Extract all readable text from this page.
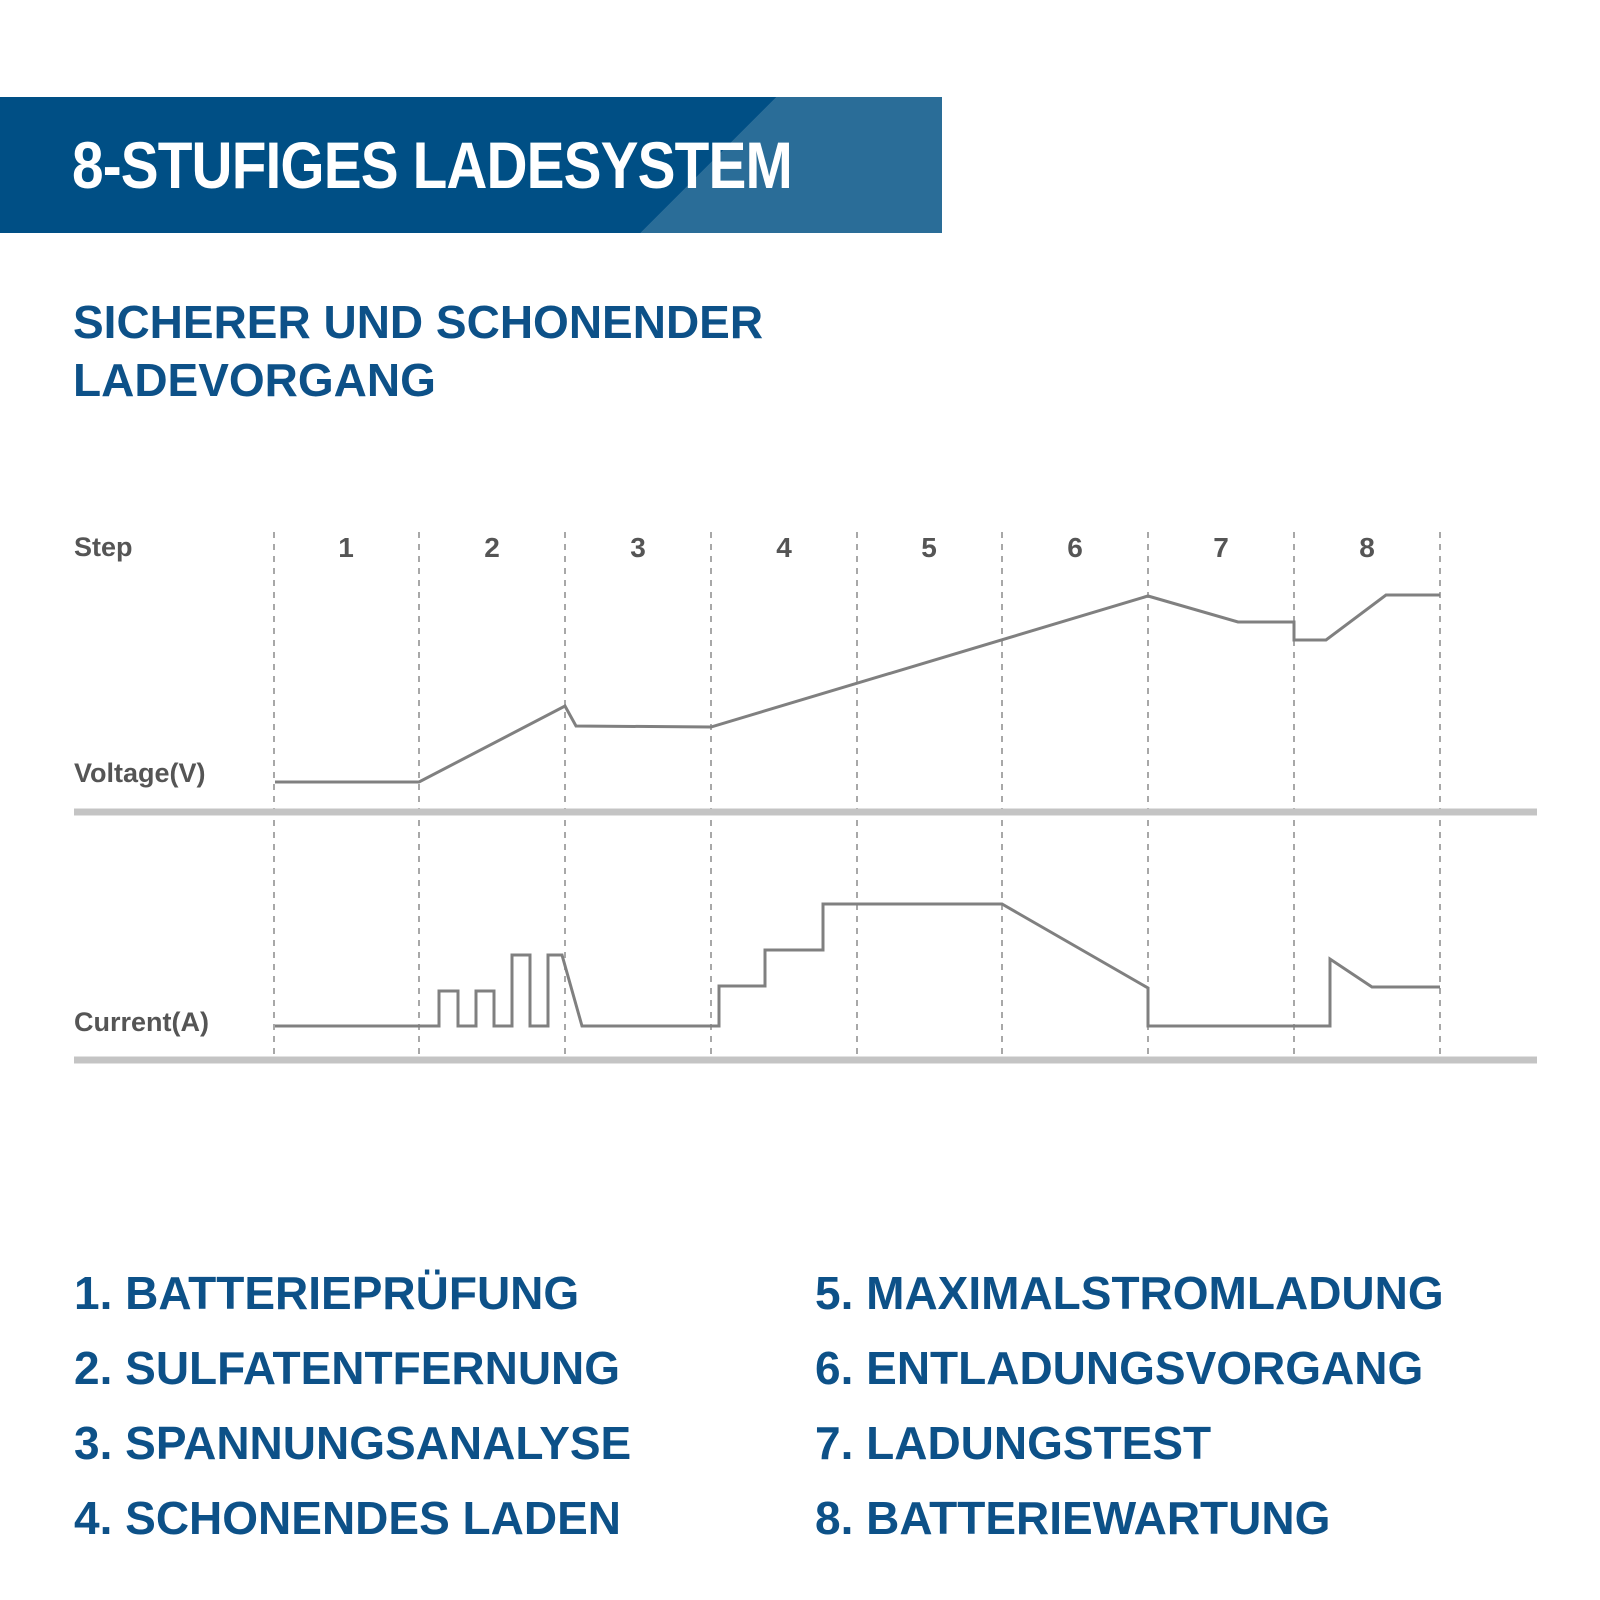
8-STUFIGES LADESYSTEM
SICHERER UND SCHONENDER
LADEVORGANG
Step
Voltage(V)
Current(A)
1	2	3	4	5	6	7	8
1. BATTERIEPRÜFUNG
2. SULFATENTFERNUNG
3. SPANNUNGSANALYSE
4. SCHONENDES LADEN
5. MAXIMALSTROMLADUNG
6. ENTLADUNGSVORGANG
7. LADUNGSTEST
8. BATTERIEWARTUNG
